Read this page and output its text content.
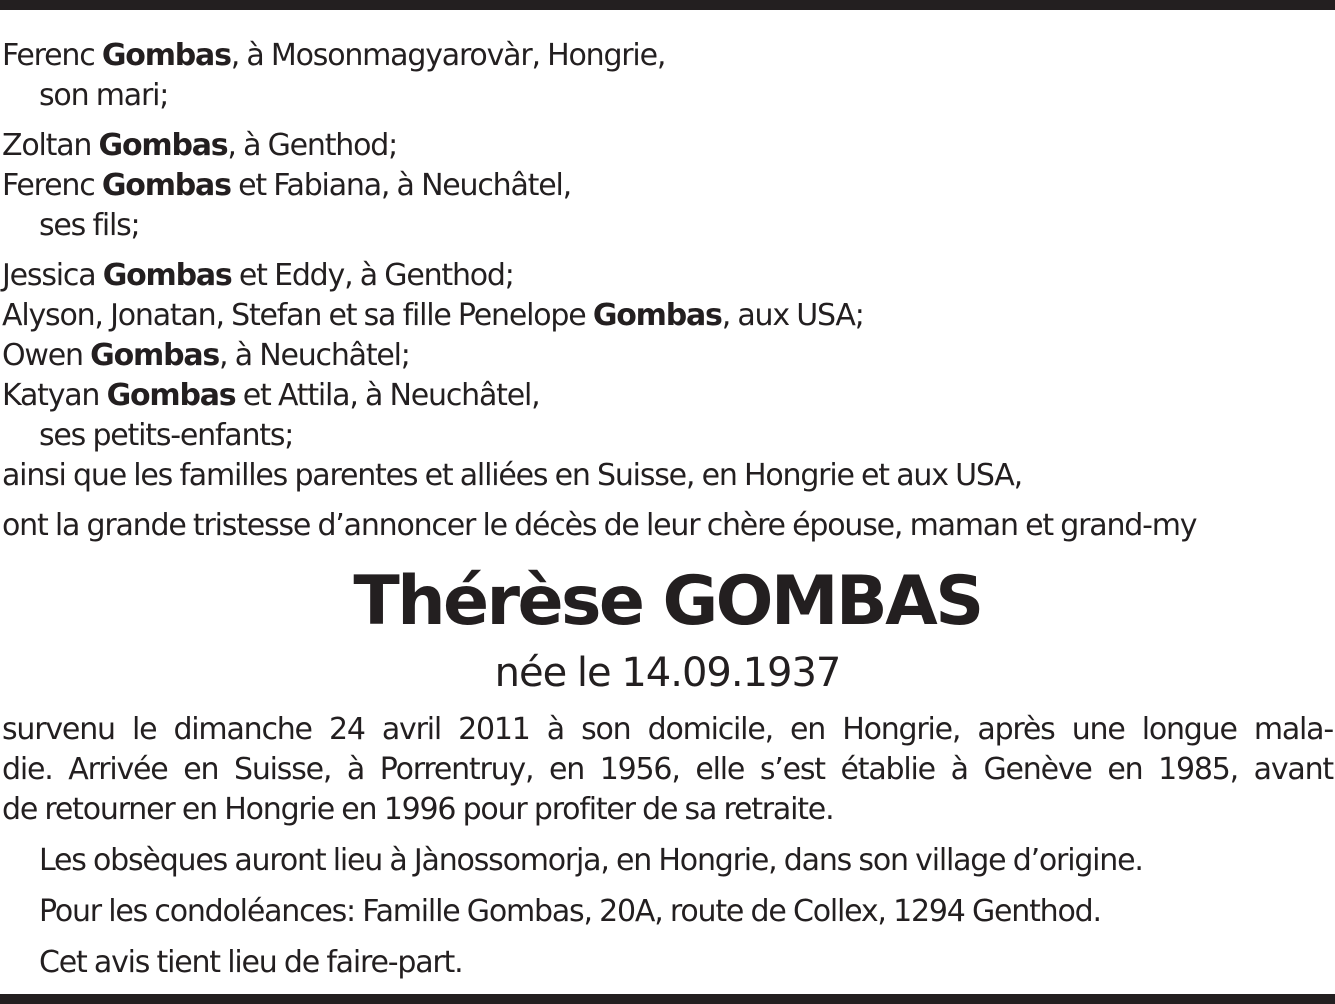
Ferenc Gombas, à Mosonmagyarovàr, Hongrie,
son mari;
Zoltan Gombas, à Genthod;
Ferenc Gombas et Fabiana, à Neuchâtel,
ses fils;
Jessica Gombas et Eddy, à Genthod;
Alyson, Jonatan, Stefan et sa fille Penelope Gombas, aux USA;
Owen Gombas, à Neuchâtel;
Katyan Gombas et Attila, à Neuchâtel,
ses petits-enfants;
ainsi que les familles parentes et alliées en Suisse, en Hongrie et aux USA,
ont la grande tristesse d’annoncer le décès de leur chère épouse, maman et grand-my
Thérèse GOMBAS
née le 14.09.1937
survenu le dimanche 24 avril 2011 à son domicile, en Hongrie, après une longue mala-
die. Arrivée en Suisse, à Porrentruy, en 1956, elle s’est établie à Genève en 1985, avant
de retourner en Hongrie en 1996 pour profiter de sa retraite.
Les obsèques auront lieu à Jànossomorja, en Hongrie, dans son village d’origine.
Pour les condoléances: Famille Gombas, 20A, route de Collex, 1294 Genthod.
Cet avis tient lieu de faire-part.
